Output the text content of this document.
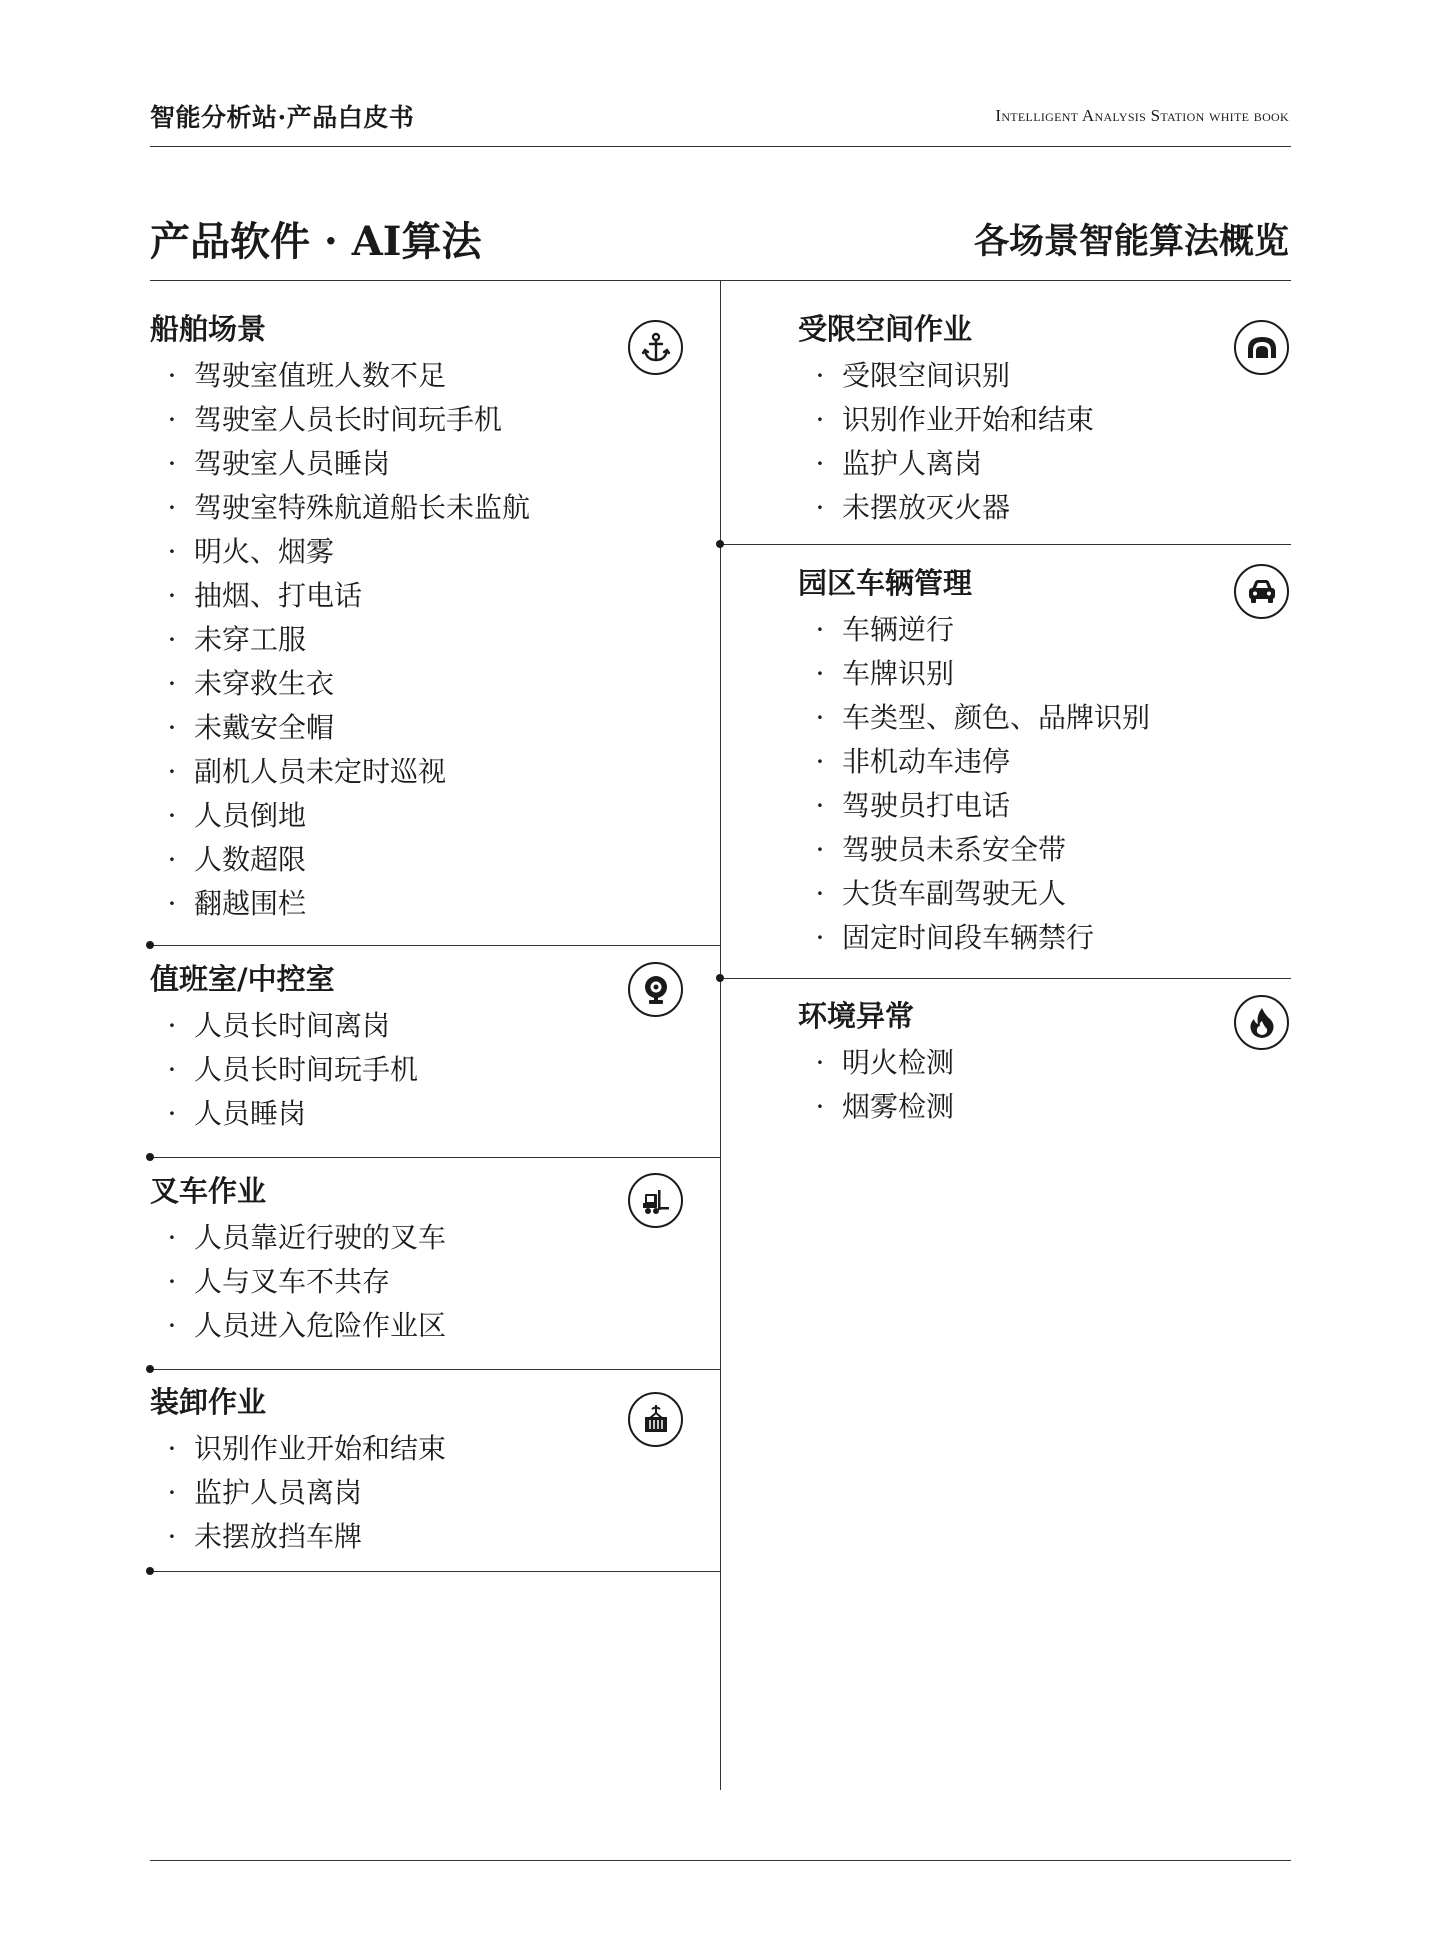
智能分析站·产品白皮书	Intelligent Analysis Station white book
产品软件 · AI算法	各场景智能算法概览
船舶场景
· 驾驶室值班人数不足
· 驾驶室人员长时间玩手机
· 驾驶室人员睡岗
· 驾驶室特殊航道船长未监航
· 明火、烟雾
· 抽烟、打电话
· 未穿工服
· 未穿救生衣
· 未戴安全帽
· 副机人员未定时巡视
· 人员倒地
· 人数超限
· 翻越围栏
值班室/中控室
· 人员长时间离岗
· 人员长时间玩手机
· 人员睡岗
叉车作业
· 人员靠近行驶的叉车
· 人与叉车不共存
· 人员进入危险作业区
装卸作业
· 识别作业开始和结束
· 监护人员离岗
· 未摆放挡车牌
受限空间作业
· 受限空间识别
· 识别作业开始和结束
· 监护人离岗
· 未摆放灭火器
园区车辆管理
· 车辆逆行
· 车牌识别
· 车类型、颜色、品牌识别
· 非机动车违停
· 驾驶员打电话
· 驾驶员未系安全带
· 大货车副驾驶无人
· 固定时间段车辆禁行
环境异常
· 明火检测
· 烟雾检测
